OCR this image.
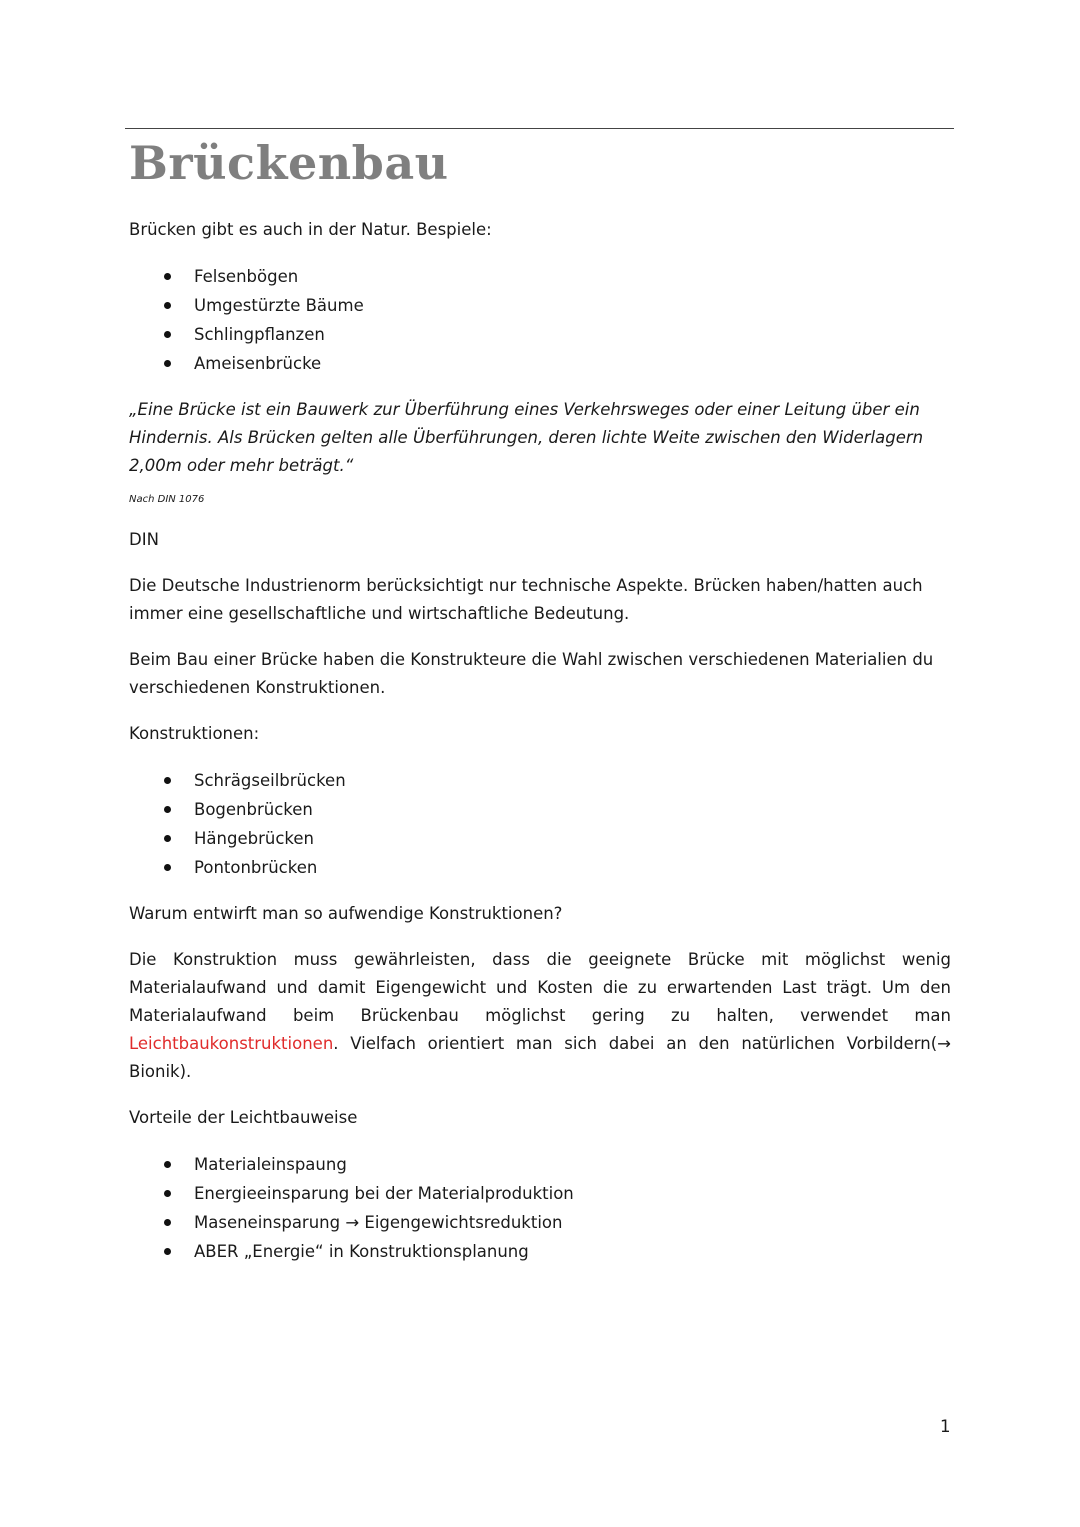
Brückenbau

Brücken gibt es auch in der Natur. Bespiele:

Felsenbögen
Umgestürzte Bäume
Schlingpflanzen
Ameisenbrücke

„Eine Brücke ist ein Bauwerk zur Überführung eines Verkehrsweges oder einer Leitung über ein Hindernis. Als Brücken gelten alle Überführungen, deren lichte Weite zwischen den Widerlagern 2,00m oder mehr beträgt.“

Nach DIN 1076

DIN

Die Deutsche Industrienorm berücksichtigt nur technische Aspekte. Brücken haben/hatten auch immer eine gesellschaftliche und wirtschaftliche Bedeutung.

Beim Bau einer Brücke haben die Konstrukteure die Wahl zwischen verschiedenen Materialien du verschiedenen Konstruktionen.

Konstruktionen:

Schrägseilbrücken
Bogenbrücken
Hängebrücken
Pontonbrücken

Warum entwirft man so aufwendige Konstruktionen?

Die Konstruktion muss gewährleisten, dass die geeignete Brücke mit möglichst wenig Materialaufwand und damit Eigengewicht und Kosten die zu erwartenden Last trägt. Um den Materialaufwand beim Brückenbau möglichst gering zu halten, verwendet man Leichtbaukonstruktionen. Vielfach orientiert man sich dabei an den natürlichen Vorbildern(→ Bionik).

Vorteile der Leichtbauweise

Materialeinspaung
Energieeinsparung bei der Materialproduktion
Maseneinsparung → Eigengewichtsreduktion
ABER „Energie“ in Konstruktionsplanung
1
